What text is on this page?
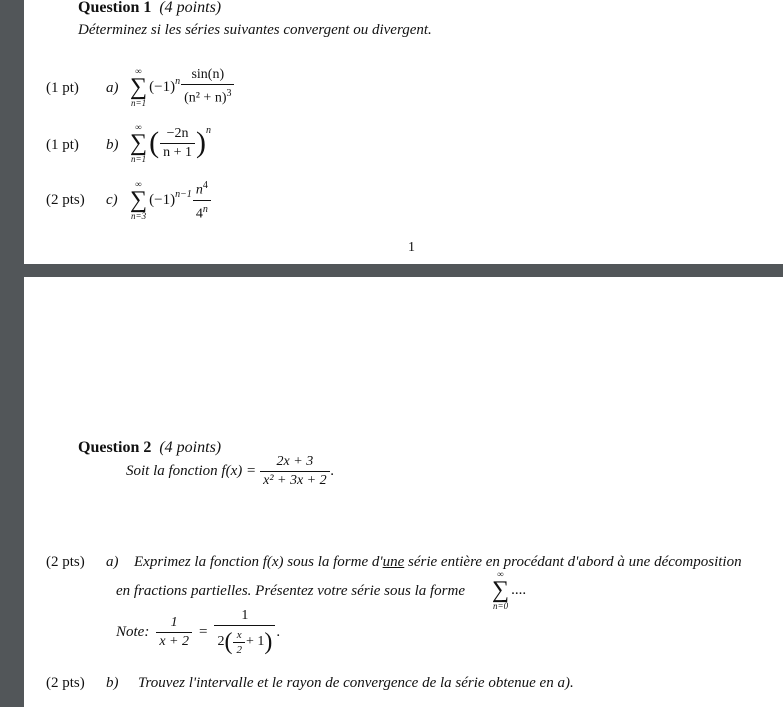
Question 1 (4 points)
Déterminez si les séries suivantes convergent ou divergent.
(1 pt) a)
∞
∑
n=1
$(-1)^n \frac{\sin(n)}{(n^2 + n)^3}$
(1 pt) b)
∞
∑
n=1 ( $\frac{-2n}{n + 1} )^n$
(2 pts) c)
∞
∑
n=3
$(-1)^{n-1} \frac{n^4}{4^n}$
1
Question 2 (4 points)
Soit la fonction $f(x) = \frac{2x + 3}{\text{x² + 3x + 2}}$ .
(2 pts) a) Exprimez la fonction f(x) sous la forme d'une série entière en procédant d'abord à une décomposition
en fractions partielles. Présentez votre série sous la forme
∞
∑
n=0
....
Note: $\frac{1}{x + 2}$ =
1
2 ( $\frac{x}{2} + 1$ ) .
(2 pts) b) Trouvez l'intervalle et le rayon de convergence de la série obtenue en a).
